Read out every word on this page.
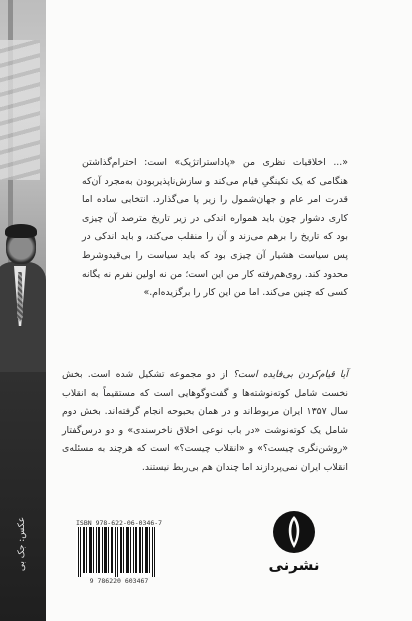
عکس: جک بی
«... اخلاقیات نظری من «پادا‌ستراتژیک» است: احترام‌گذاشتن هنگامی که یک تکینگیِ قیام می‌کند و سازش‌ناپذیربودن به‌مجرد آن‌که قدرت امر عام و جهان‌شمول را زیر پا می‌گذارد. انتخابی ساده اما کاری دشوار چون باید همواره اندکی در زیر تاریخ مترصد آن چیزی بود که تاریخ را برهم می‌زند و آن را منقلب می‌کند، و باید اندکی در پس سیاست هشیار آن چیزی بود که باید سیاست را بی‌قیدوشرط محدود کند. روی‌هم‌رفته کار من این است؛ من نه اولین نفرم نه یگانه کسی که چنین می‌کند. اما من این کار را برگزیده‌ام.»
آیا قیام‌کردن بی‌فایده است؟ از دو مجموعه تشکیل شده است. بخش نخست شامل کوته‌نوشته‌ها و گفت‌وگوهایی است که مستقیماً به انقلاب سال ۱۳۵۷ ایران مربوط‌اند و در همان بحبوحه انجام گرفته‌اند. بخش دوم شامل یک کوته‌نوشت «در باب نوعی اخلاق ناخرسندی» و دو درس‌گفتار «روشن‌نگری چیست؟» و «انقلاب چیست؟» است که هرچند به مسئله‌ی انقلاب ایران نمی‌پردازند اما چندان هم بی‌ربط نیستند.
ISBN 978-622-06-0346-7
9 786220 603467
نشرنی
